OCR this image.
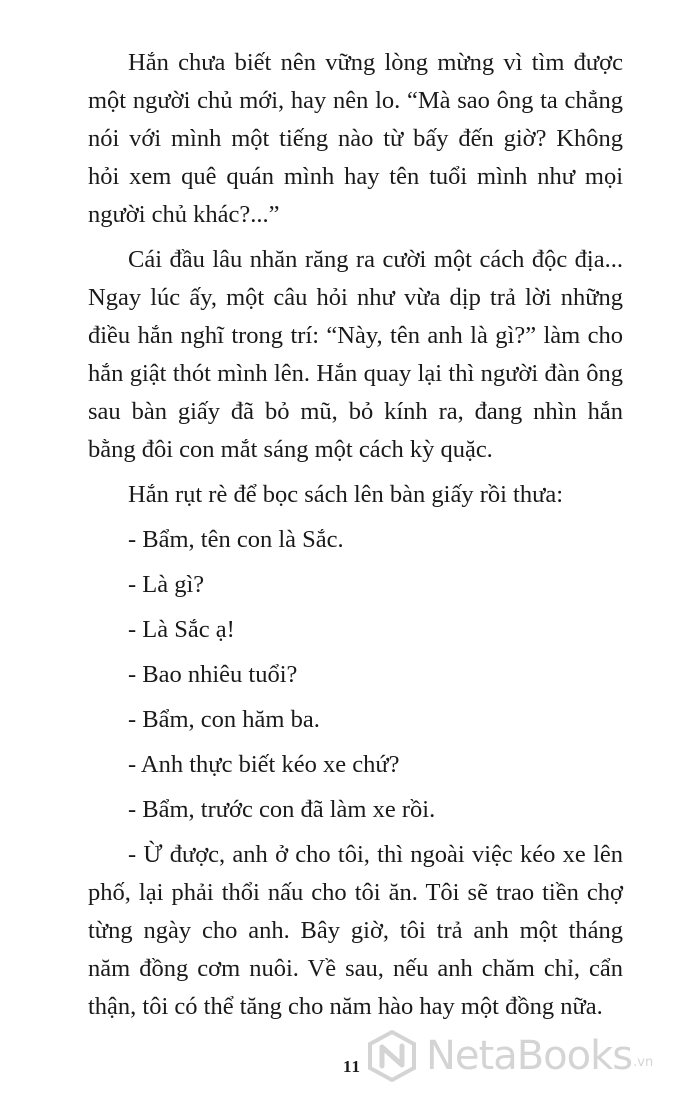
Hắn chưa biết nên vững lòng mừng vì tìm được một người chủ mới, hay nên lo. “Mà sao ông ta chẳng nói với mình một tiếng nào từ bấy đến giờ? Không hỏi xem quê quán mình hay tên tuổi mình như mọi người chủ khác?...”

Cái đầu lâu nhăn răng ra cười một cách độc địa... Ngay lúc ấy, một câu hỏi như vừa dịp trả lời những điều hắn nghĩ trong trí: “Này, tên anh là gì?” làm cho hắn giật thót mình lên. Hắn quay lại thì người đàn ông sau bàn giấy đã bỏ mũ, bỏ kính ra, đang nhìn hắn bằng đôi con mắt sáng một cách kỳ quặc.

Hắn rụt rè để bọc sách lên bàn giấy rồi thưa:

- Bẩm, tên con là Sắc.

- Là gì?

- Là Sắc ạ!

- Bao nhiêu tuổi?

- Bẩm, con hăm ba.

- Anh thực biết kéo xe chứ?

- Bẩm, trước con đã làm xe rồi.

- Ừ được, anh ở cho tôi, thì ngoài việc kéo xe lên phố, lại phải thổi nấu cho tôi ăn. Tôi sẽ trao tiền chợ từng ngày cho anh. Bây giờ, tôi trả anh một tháng năm đồng cơm nuôi. Về sau, nếu anh chăm chỉ, cẩn thận, tôi có thể tăng cho năm hào hay một đồng nữa.

11 NetaBooks .vn
